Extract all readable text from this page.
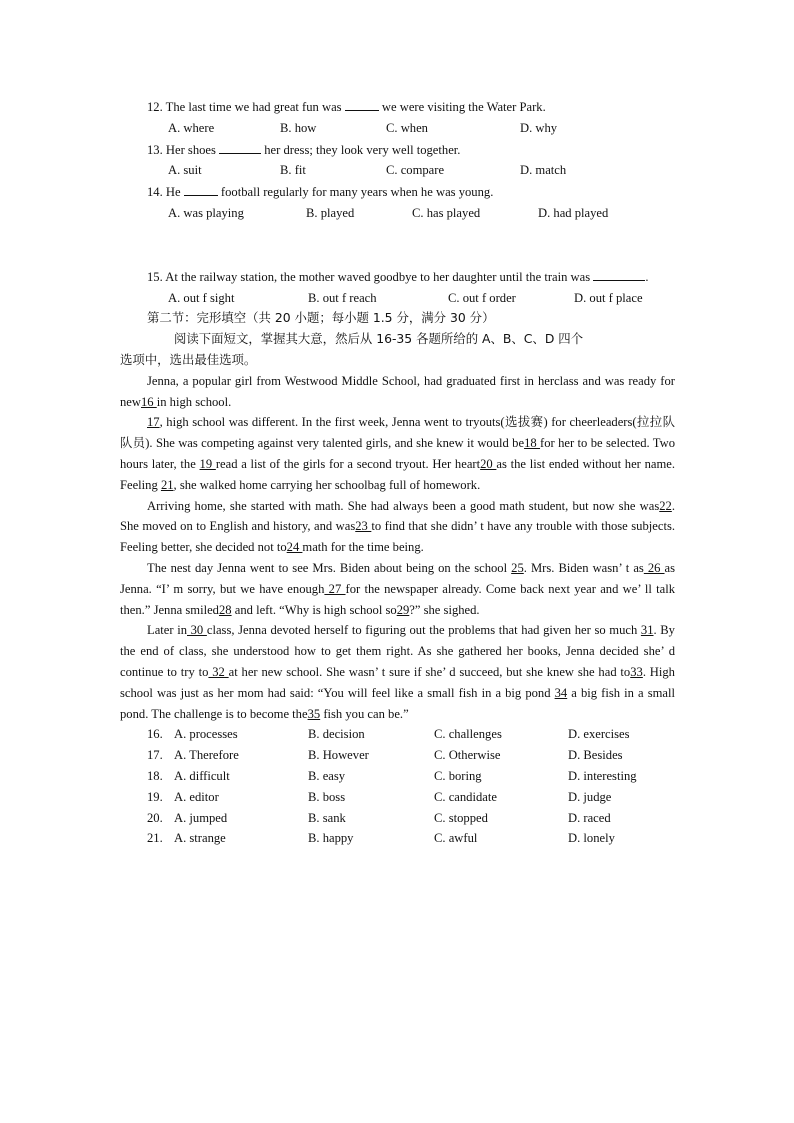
12. The last time we had great fun was	we were visiting the Water Park.
A. where	B. how	C. when	D. why
13. Her shoes	her dress; they look very well together.
A. suit	B. fit	C. compare	D. match
14. He	football regularly for many years when he was young.
A. was playing	B. played	C. has played	D. had played
15. At the railway station, the mother waved goodbye to her daughter until the train was	.
A. out f sight	B. out f reach	C. out f order	D. out f place
第二节：完形填空（共 20 小题；每小题 1.5 分，满分 30 分）
阅读下面短文，掌握其大意，然后从 16-35 各题所给的 A、B、C、D 四个
选项中，选出最佳选项。
Jenna, a popular girl from Westwood Middle School, had graduated first in herclass and was ready for new16 in high school.
17, high school was different. In the first week, Jenna went to tryouts(选拔赛) for cheerleaders(拉拉队队员). She was competing against very talented girls, and she knew it would be18 for her to be selected. Two hours later, the 19 read a list of the girls for a second tryout. Her heart20 as the list ended without her name. Feeling 21, she walked home carrying her schoolbag full of homework.
Arriving home, she started with math. She had always been a good math student, but now she was22. She moved on to English and history, and was23 to find that she didn’ t have any trouble with those subjects. Feeling better, she decided not to24 math for the time being.
The nest day Jenna went to see Mrs. Biden about being on the school 25. Mrs. Biden wasn’ t as 26 as Jenna. “I’ m sorry, but we have enough 27 for the newspaper already. Come back next year and we’ ll talk then.” Jenna smiled28 and left. “Why is high school so29?” she sighed.
Later in 30 class, Jenna devoted herself to figuring out the problems that had given her so much 31. By the end of class, she understood how to get them right. As she gathered her books, Jenna decided she’ d continue to try to 32 at her new school. She wasn’ t sure if she’ d succeed, but she knew she had to33. High school was just as her mom had said: “You will feel like a small fish in a big pond 34 a big fish in a small pond. The challenge is to become the35 fish you can be.”
16. A. processes	B. decision	C. challenges	D. exercises
17. A. Therefore	B. However	C. Otherwise	D. Besides
18. A. difficult	B. easy	C. boring	D. interesting
19. A. editor	B. boss	C. candidate	D. judge
20. A. jumped	B. sank	C. stopped	D. raced
21. A. strange	B. happy	C. awful	D. lonely
